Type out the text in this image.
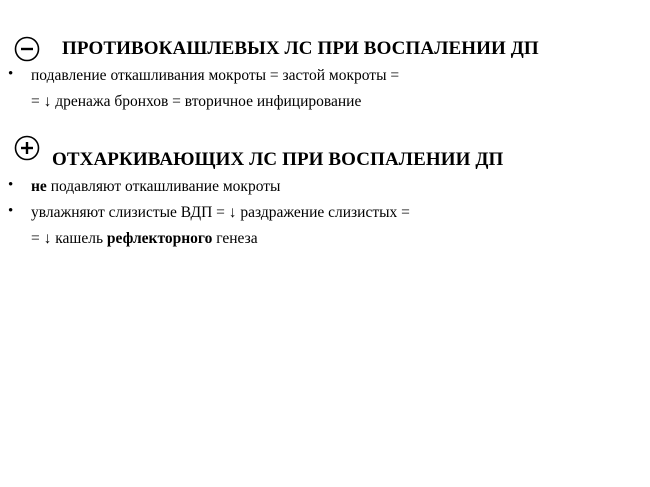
ПРОТИВОКАШЛЕВЫХ ЛС ПРИ ВОСПАЛЕНИИ ДП
• подавление откашливания мокроты = застой мокроты =
= ↓ дренажа бронхов = вторичное инфицирование
ОТХАРКИВАЮЩИХ ЛС ПРИ ВОСПАЛЕНИИ ДП
• не подавляют откашливание мокроты
• увлажняют слизистые ВДП = ↓ раздражение слизистых =
= ↓ кашель рефлекторного генеза
